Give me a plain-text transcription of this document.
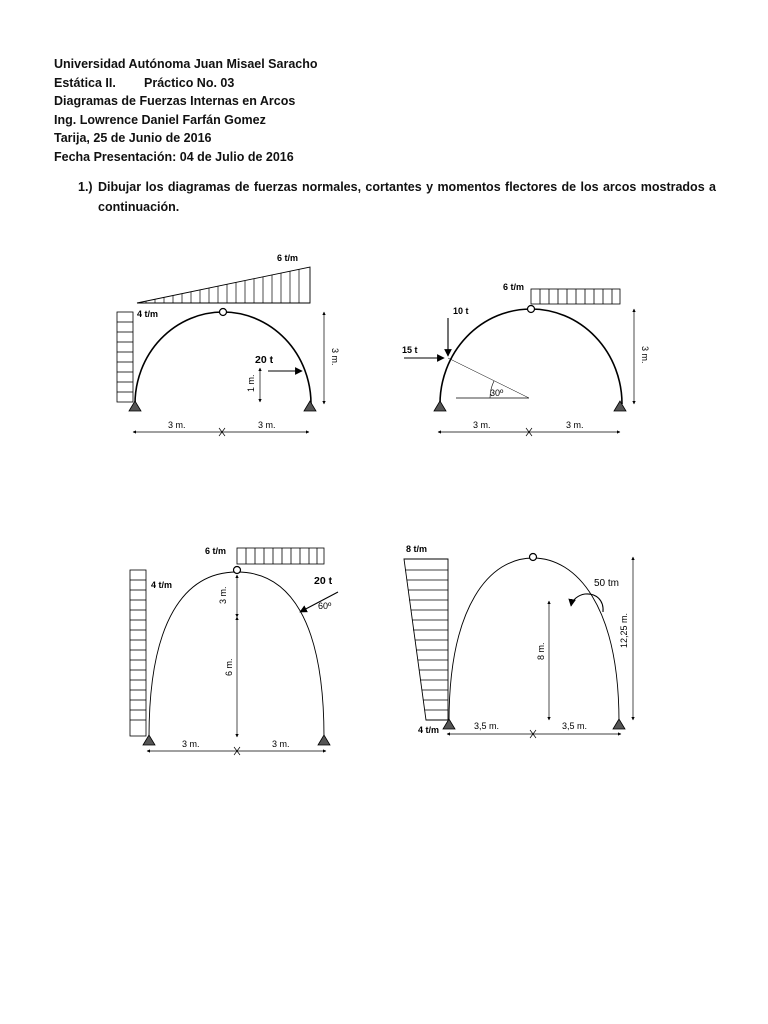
Universidad Autónoma Juan Misael Saracho
Estática II. Práctico No. 03
Diagramas de Fuerzas Internas en Arcos
Ing. Lowrence Daniel Farfán Gomez
Tarija, 25 de Junio de 2016
Fecha Presentación: 04 de Julio de 2016
1.) Dibujar los diagramas de fuerzas normales, cortantes y momentos flectores de los arcos mostrados a continuación.
6 t/m
4 t/m
20 t
1 m.
3 m.
3 m.	3 m.
6 t/m
10 t
15 t
30º
3 m.
3 m.	3 m.
6 t/m
4 t/m	20 t
60º
3 m.
6 m.
3 m.	3 m.
8 t/m
4 t/m
50 tm
8 m.
12,25 m.
3,5 m.	3,5 m.
